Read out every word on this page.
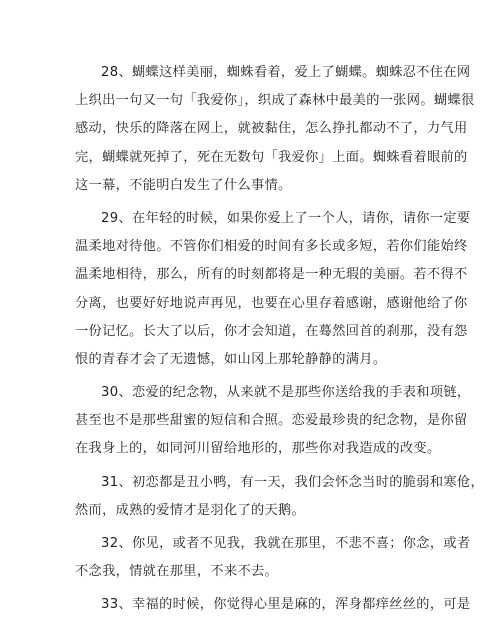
28、蝴蝶这样美丽，蜘蛛看着，爱上了蝴蝶。蜘蛛忍不住在网
上织出一句又一句「我爱你」，织成了森林中最美的一张网。蝴蝶很
感动，快乐的降落在网上，就被黏住，怎么挣扎都动不了，力气用
完，蝴蝶就死掉了，死在无数句「我爱你」上面。蜘蛛看着眼前的
这一幕，不能明白发生了什么事情。
29、在年轻的时候，如果你爱上了一个人，请你，请你一定要
温柔地对待他。不管你们相爱的时间有多长或多短，若你们能始终
温柔地相待，那么，所有的时刻都将是一种无瑕的美丽。若不得不
分离，也要好好地说声再见，也要在心里存着感谢，感谢他给了你
一份记忆。长大了以后，你才会知道，在蓦然回首的刹那，没有怨
恨的青春才会了无遗憾，如山冈上那轮静静的满月。
30、恋爱的纪念物，从来就不是那些你送给我的手表和项链，
甚至也不是那些甜蜜的短信和合照。恋爱最珍贵的纪念物，是你留
在我身上的，如同河川留给地形的，那些你对我造成的改变。
31、初恋都是丑小鸭，有一天，我们会怀念当时的脆弱和寒伧，
然而，成熟的爱情才是羽化了的天鹅。
32、你见，或者不见我，我就在那里，不悲不喜；你念，或者
不念我，情就在那里，不来不去。
33、幸福的时候，你觉得心里是麻的，浑身都痒丝丝的，可是
